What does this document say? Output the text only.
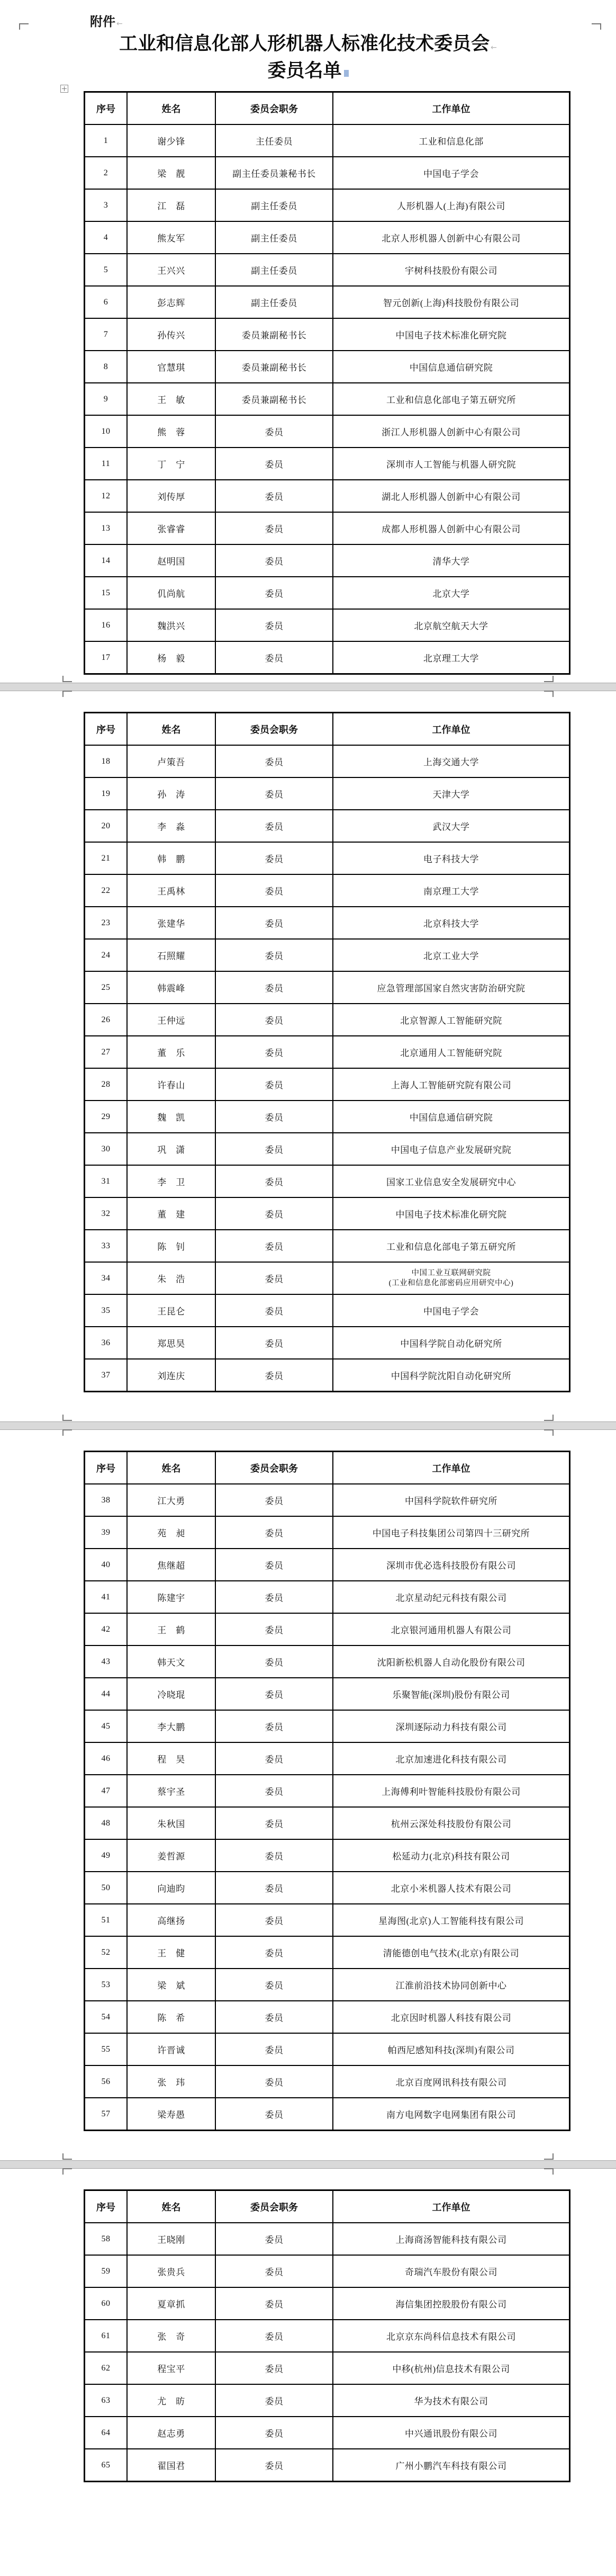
附件 ←
工业和信息化部人形机器人标准化技术委员会 ←
委员名单
序号	姓名	委员会职务	工作单位
1	谢少锋	主任委员	工业和信息化部
2	梁　靓	副主任委员兼秘书长	中国电子学会
3	江　磊	副主任委员	人形机器人(上海)有限公司
4	熊友军	副主任委员	北京人形机器人创新中心有限公司
5	王兴兴	副主任委员	宇树科技股份有限公司
6	彭志辉	副主任委员	智元创新(上海)科技股份有限公司
7	孙传兴	委员兼副秘书长	中国电子技术标准化研究院
8	官慧琪	委员兼副秘书长	中国信息通信研究院
9	王　敏	委员兼副秘书长	工业和信息化部电子第五研究所
10	熊　蓉	委员	浙江人形机器人创新中心有限公司
11	丁　宁	委员	深圳市人工智能与机器人研究院
12	刘传厚	委员	湖北人形机器人创新中心有限公司
13	张睿睿	委员	成都人形机器人创新中心有限公司
14	赵明国	委员	清华大学
15	仉尚航	委员	北京大学
16	魏洪兴	委员	北京航空航天大学
17	杨　毅	委员	北京理工大学
序号	姓名	委员会职务	工作单位
18	卢策吾	委员	上海交通大学
19	孙　涛	委员	天津大学
20	李　淼	委员	武汉大学
21	韩　鹏	委员	电子科技大学
22	王禹林	委员	南京理工大学
23	张建华	委员	北京科技大学
24	石照耀	委员	北京工业大学
25	韩震峰	委员	应急管理部国家自然灾害防治研究院
26	王仲远	委员	北京智源人工智能研究院
27	董　乐	委员	北京通用人工智能研究院
28	许春山	委员	上海人工智能研究院有限公司
29	魏　凯	委员	中国信息通信研究院
30	巩　潇	委员	中国电子信息产业发展研究院
31	李　卫	委员	国家工业信息安全发展研究中心
32	董　建	委员	中国电子技术标准化研究院
33	陈　钊	委员	工业和信息化部电子第五研究所
34	朱　浩	委员	中国工业互联网研究院
(工业和信息化部密码应用研究中心)

35	王昆仑	委员	中国电子学会
36	郑思昊	委员	中国科学院自动化研究所
37	刘连庆	委员	中国科学院沈阳自动化研究所
序号	姓名	委员会职务	工作单位
38	江大勇	委员	中国科学院软件研究所
39	苑　昶	委员	中国电子科技集团公司第四十三研究所
40	焦继超	委员	深圳市优必选科技股份有限公司
41	陈建宇	委员	北京星动纪元科技有限公司
42	王　鹤	委员	北京银河通用机器人有限公司
43	韩天文	委员	沈阳新松机器人自动化股份有限公司
44	冷晓琨	委员	乐聚智能(深圳)股份有限公司
45	李大鹏	委员	深圳逐际动力科技有限公司
46	程　昊	委员	北京加速进化科技有限公司
47	蔡宇圣	委员	上海傅利叶智能科技股份有限公司
48	朱秋国	委员	杭州云深处科技股份有限公司
49	姜哲源	委员	松延动力(北京)科技有限公司
50	向迪昀	委员	北京小米机器人技术有限公司
51	高继扬	委员	星海图(北京)人工智能科技有限公司
52	王　健	委员	清能德创电气技术(北京)有限公司
53	梁　斌	委员	江淮前沿技术协同创新中心
54	陈　希	委员	北京因时机器人科技有限公司
55	许晋诚	委员	帕西尼感知科技(深圳)有限公司
56	张　玮	委员	北京百度网讯科技有限公司
57	梁寿愚	委员	南方电网数字电网集团有限公司
序号	姓名	委员会职务	工作单位
58	王晓刚	委员	上海商汤智能科技有限公司
59	张贵兵	委员	奇瑞汽车股份有限公司
60	夏章抓	委员	海信集团控股股份有限公司
61	张　奇	委员	北京京东尚科信息技术有限公司
62	程宝平	委员	中移(杭州)信息技术有限公司
63	尤　昉	委员	华为技术有限公司
64	赵志勇	委员	中兴通讯股份有限公司
65	翟国君	委员	广州小鹏汽车科技有限公司
